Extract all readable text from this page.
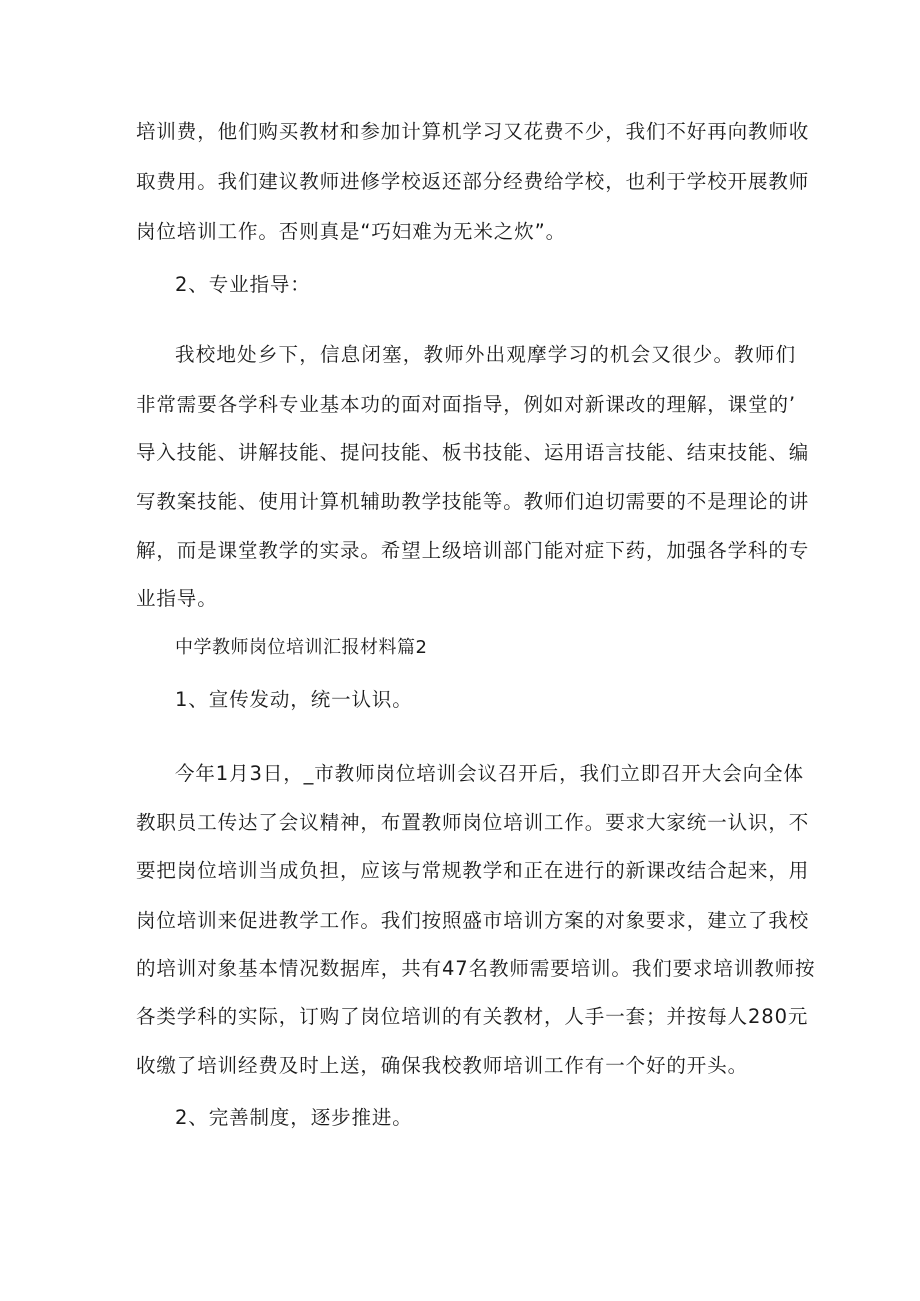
培训费，他们购买教材和参加计算机学习又花费不少，我们不好再向教师收
取费用。我们建议教师进修学校返还部分经费给学校，也利于学校开展教师
岗位培训工作。否则真是“巧妇难为无米之炊”。
2、专业指导：
我校地处乡下，信息闭塞，教师外出观摩学习的机会又很少。教师们
非常需要各学科专业基本功的面对面指导，例如对新课改的理解，课堂的’
导入技能、讲解技能、提问技能、板书技能、运用语言技能、结束技能、编
写教案技能、使用计算机辅助教学技能等。教师们迫切需要的不是理论的讲
解，而是课堂教学的实录。希望上级培训部门能对症下药，加强各学科的专
业指导。
中学教师岗位培训汇报材料篇2
1、宣传发动，统一认识。
今年1月3日，_市教师岗位培训会议召开后，我们立即召开大会向全体
教职员工传达了会议精神，布置教师岗位培训工作。要求大家统一认识，不
要把岗位培训当成负担，应该与常规教学和正在进行的新课改结合起来，用
岗位培训来促进教学工作。我们按照盛市培训方案的对象要求，建立了我校
的培训对象基本情况数据库，共有47名教师需要培训。我们要求培训教师按
各类学科的实际，订购了岗位培训的有关教材，人手一套；并按每人280元
收缴了培训经费及时上送，确保我校教师培训工作有一个好的开头。
2、完善制度，逐步推进。
